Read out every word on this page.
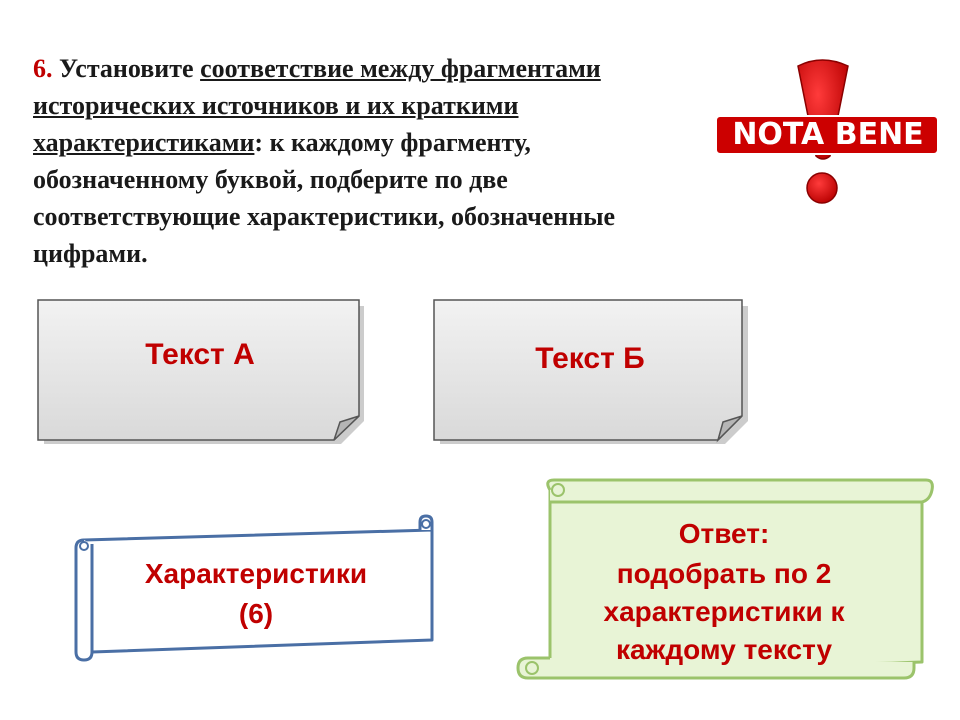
6. Установите соответствие между фрагментами исторических источников и их краткими характеристиками: к каждому фрагменту, обозначенному буквой, подберите по две соответствующие характеристики, обозначенные цифрами.
NOTA BENE
Текст А	Текст Б
Характеристики
(6)
Ответ:
подобрать по 2
характеристики к
каждому тексту
